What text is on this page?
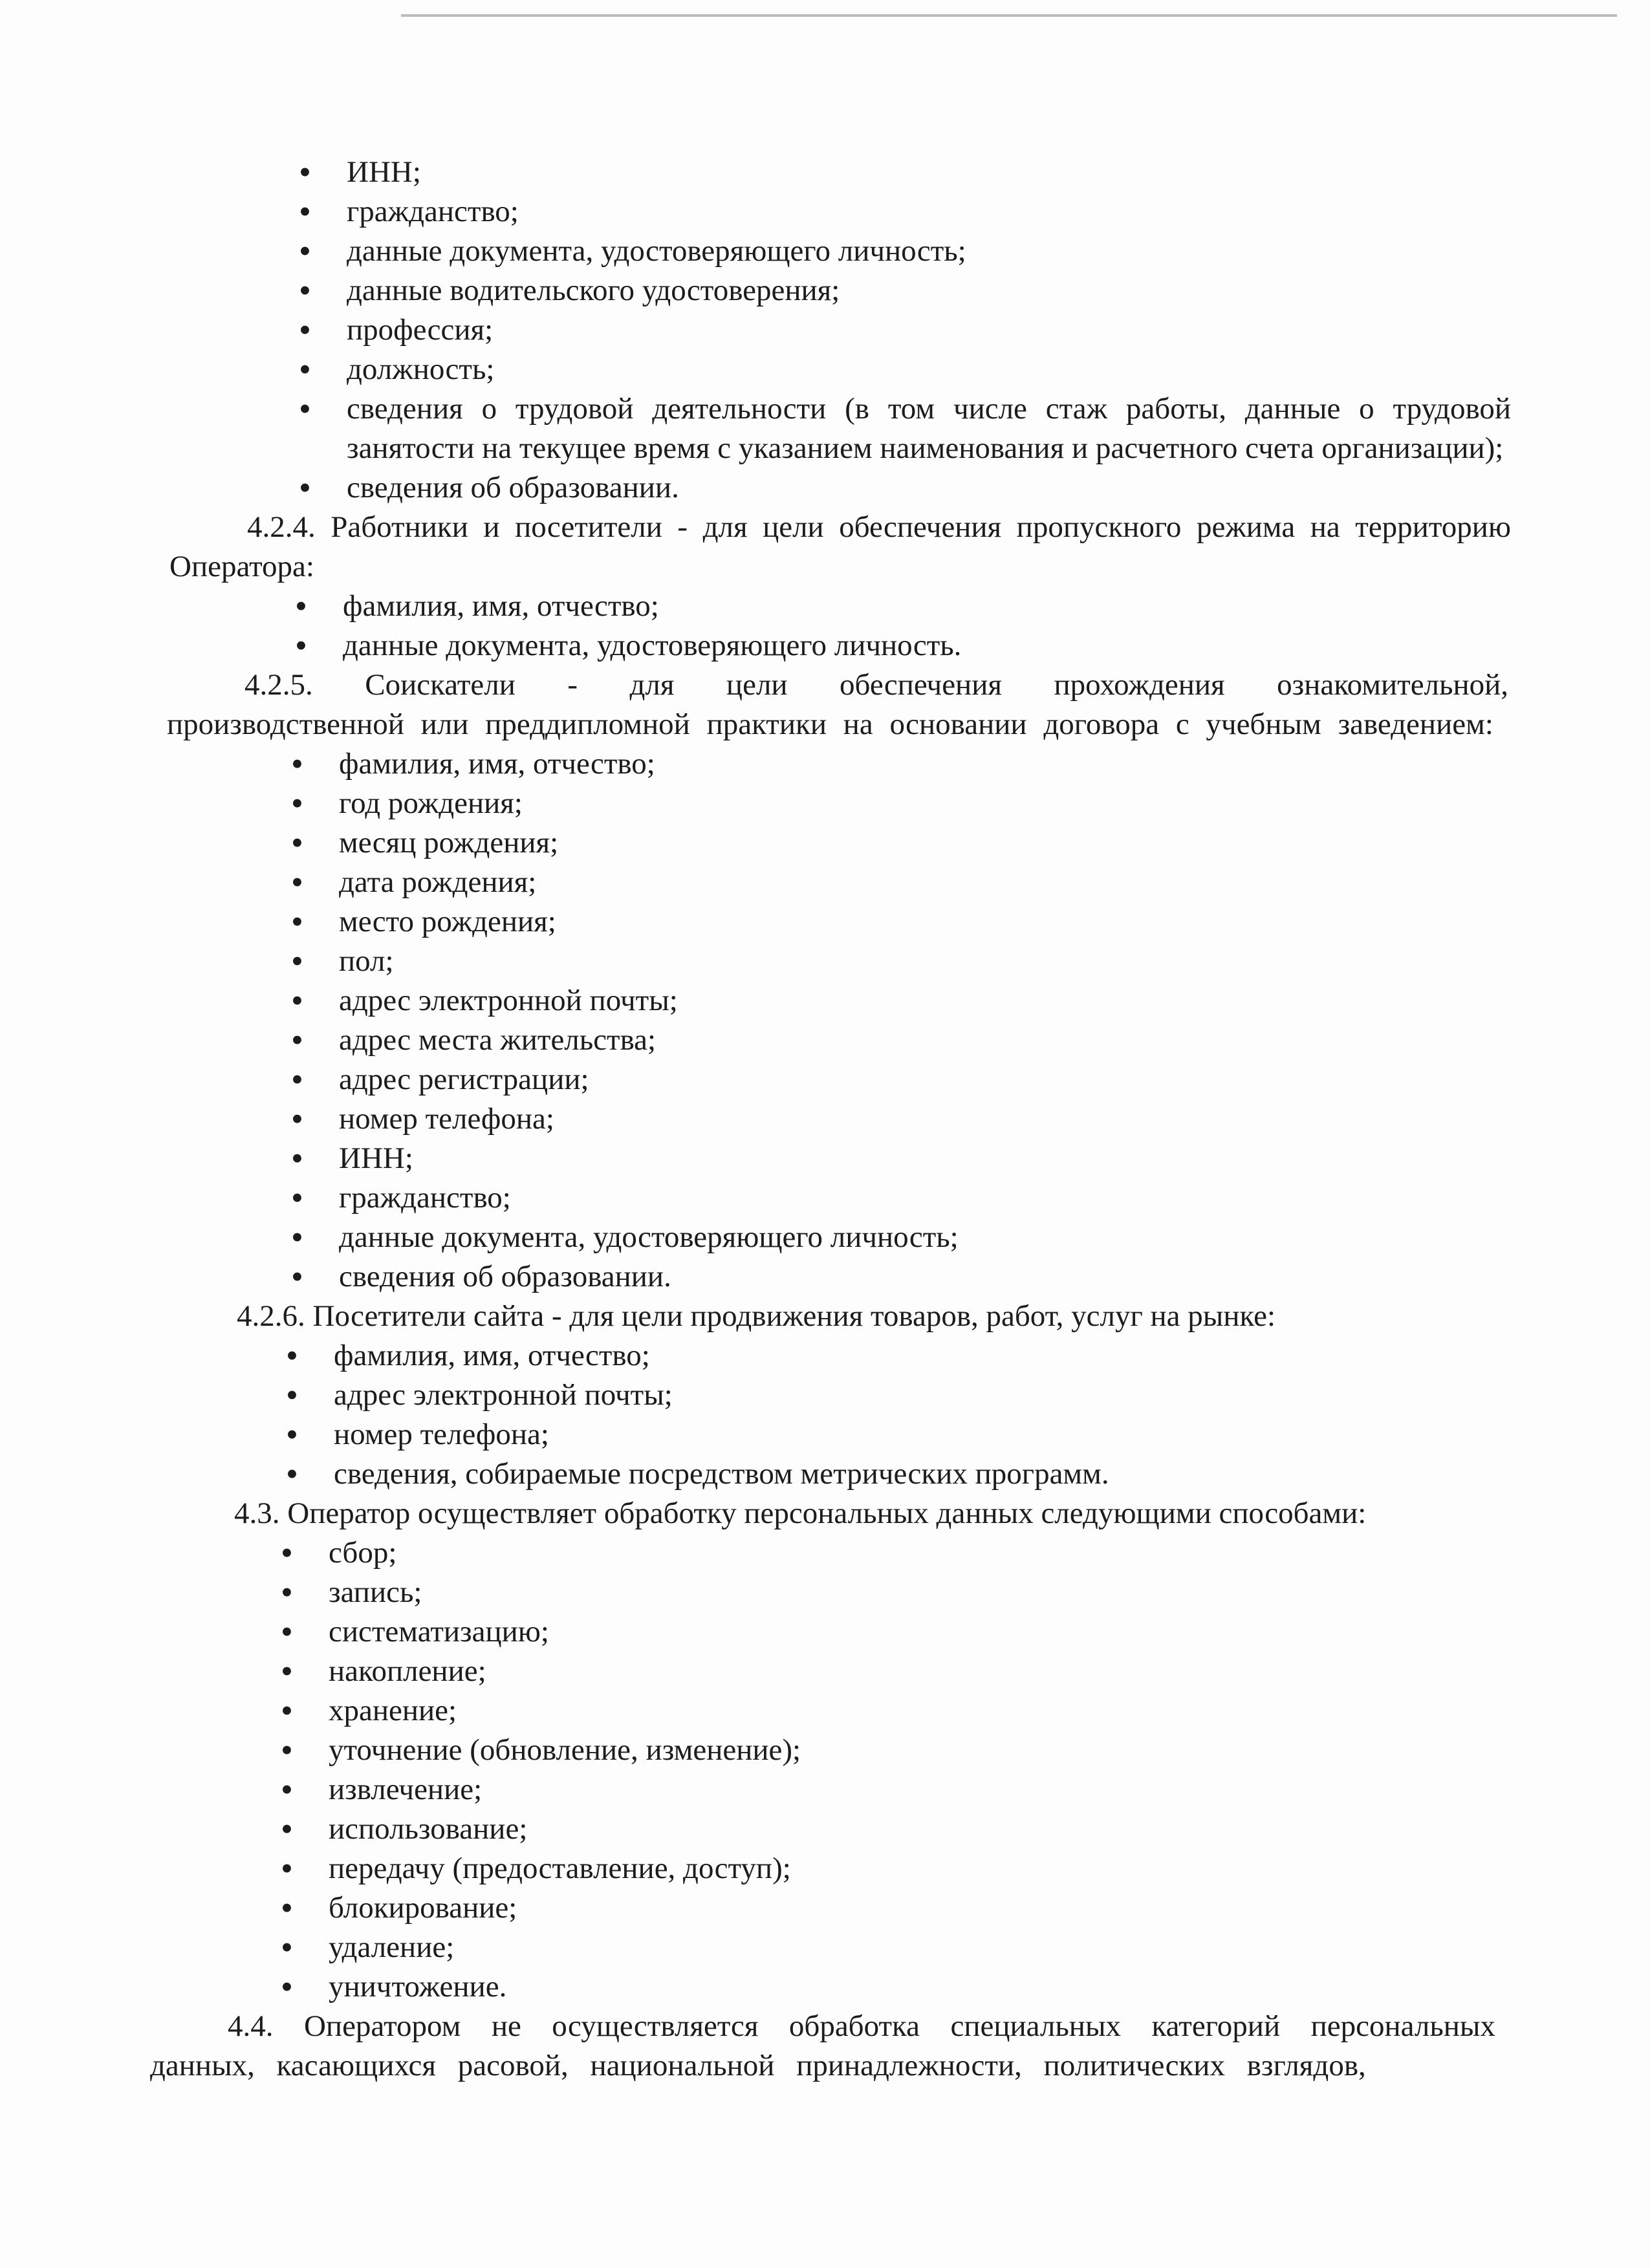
• ИНН;
• гражданство;
• данные документа, удостоверяющего личность;
• данные водительского удостоверения;
• профессия;
• должность;
• сведения о трудовой деятельности (в том числе стаж работы, данные о трудовой занятости на текущее время с указанием наименования и расчетного счета организации);
• сведения об образовании.
4.2.4. Работники и посетители - для цели обеспечения пропускного режима на территорию Оператора:
• фамилия, имя, отчество;
• данные документа, удостоверяющего личность.
4.2.5. Соискатели - для цели обеспечения прохождения ознакомительной, производственной или преддипломной практики на основании договора с учебным заведением:
• фамилия, имя, отчество;
• год рождения;
• месяц рождения;
• дата рождения;
• место рождения;
• пол;
• адрес электронной почты;
• адрес места жительства;
• адрес регистрации;
• номер телефона;
• ИНН;
• гражданство;
• данные документа, удостоверяющего личность;
• сведения об образовании.
4.2.6. Посетители сайта - для цели продвижения товаров, работ, услуг на рынке:
• фамилия, имя, отчество;
• адрес электронной почты;
• номер телефона;
• сведения, собираемые посредством метрических программ.
4.3. Оператор осуществляет обработку персональных данных следующими способами:
• сбор;
• запись;
• систематизацию;
• накопление;
• хранение;
• уточнение (обновление, изменение);
• извлечение;
• использование;
• передачу (предоставление, доступ);
• блокирование;
• удаление;
• уничтожение.
4.4. Оператором не осуществляется обработка специальных категорий персональных данных, касающихся расовой, национальной принадлежности, политических взглядов,
